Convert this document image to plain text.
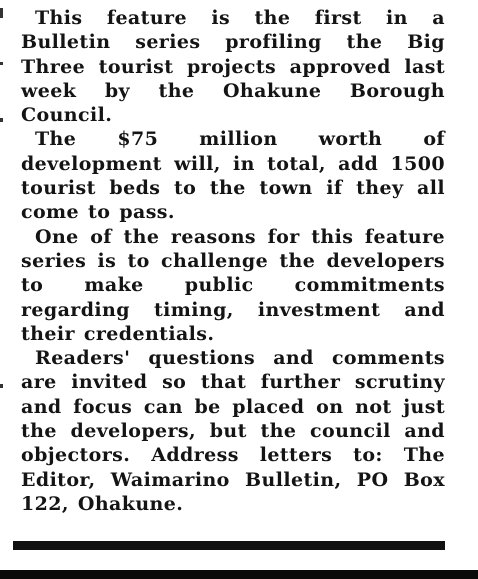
This feature is the first in a Bulletin series profiling the Big Three tourist projects approved last week by the Ohakune Borough Council.

The $75 million worth of development will, in total, add 1500 tourist beds to the town if they all come to pass.

One of the reasons for this feature series is to challenge the developers to make public commitments regarding timing, investment and their credentials.

Readers' questions and comments are invited so that further scrutiny and focus can be placed on not just the developers, but the council and objectors. Address letters to: The Editor, Waimarino Bulletin, PO Box 122, Ohakune.
